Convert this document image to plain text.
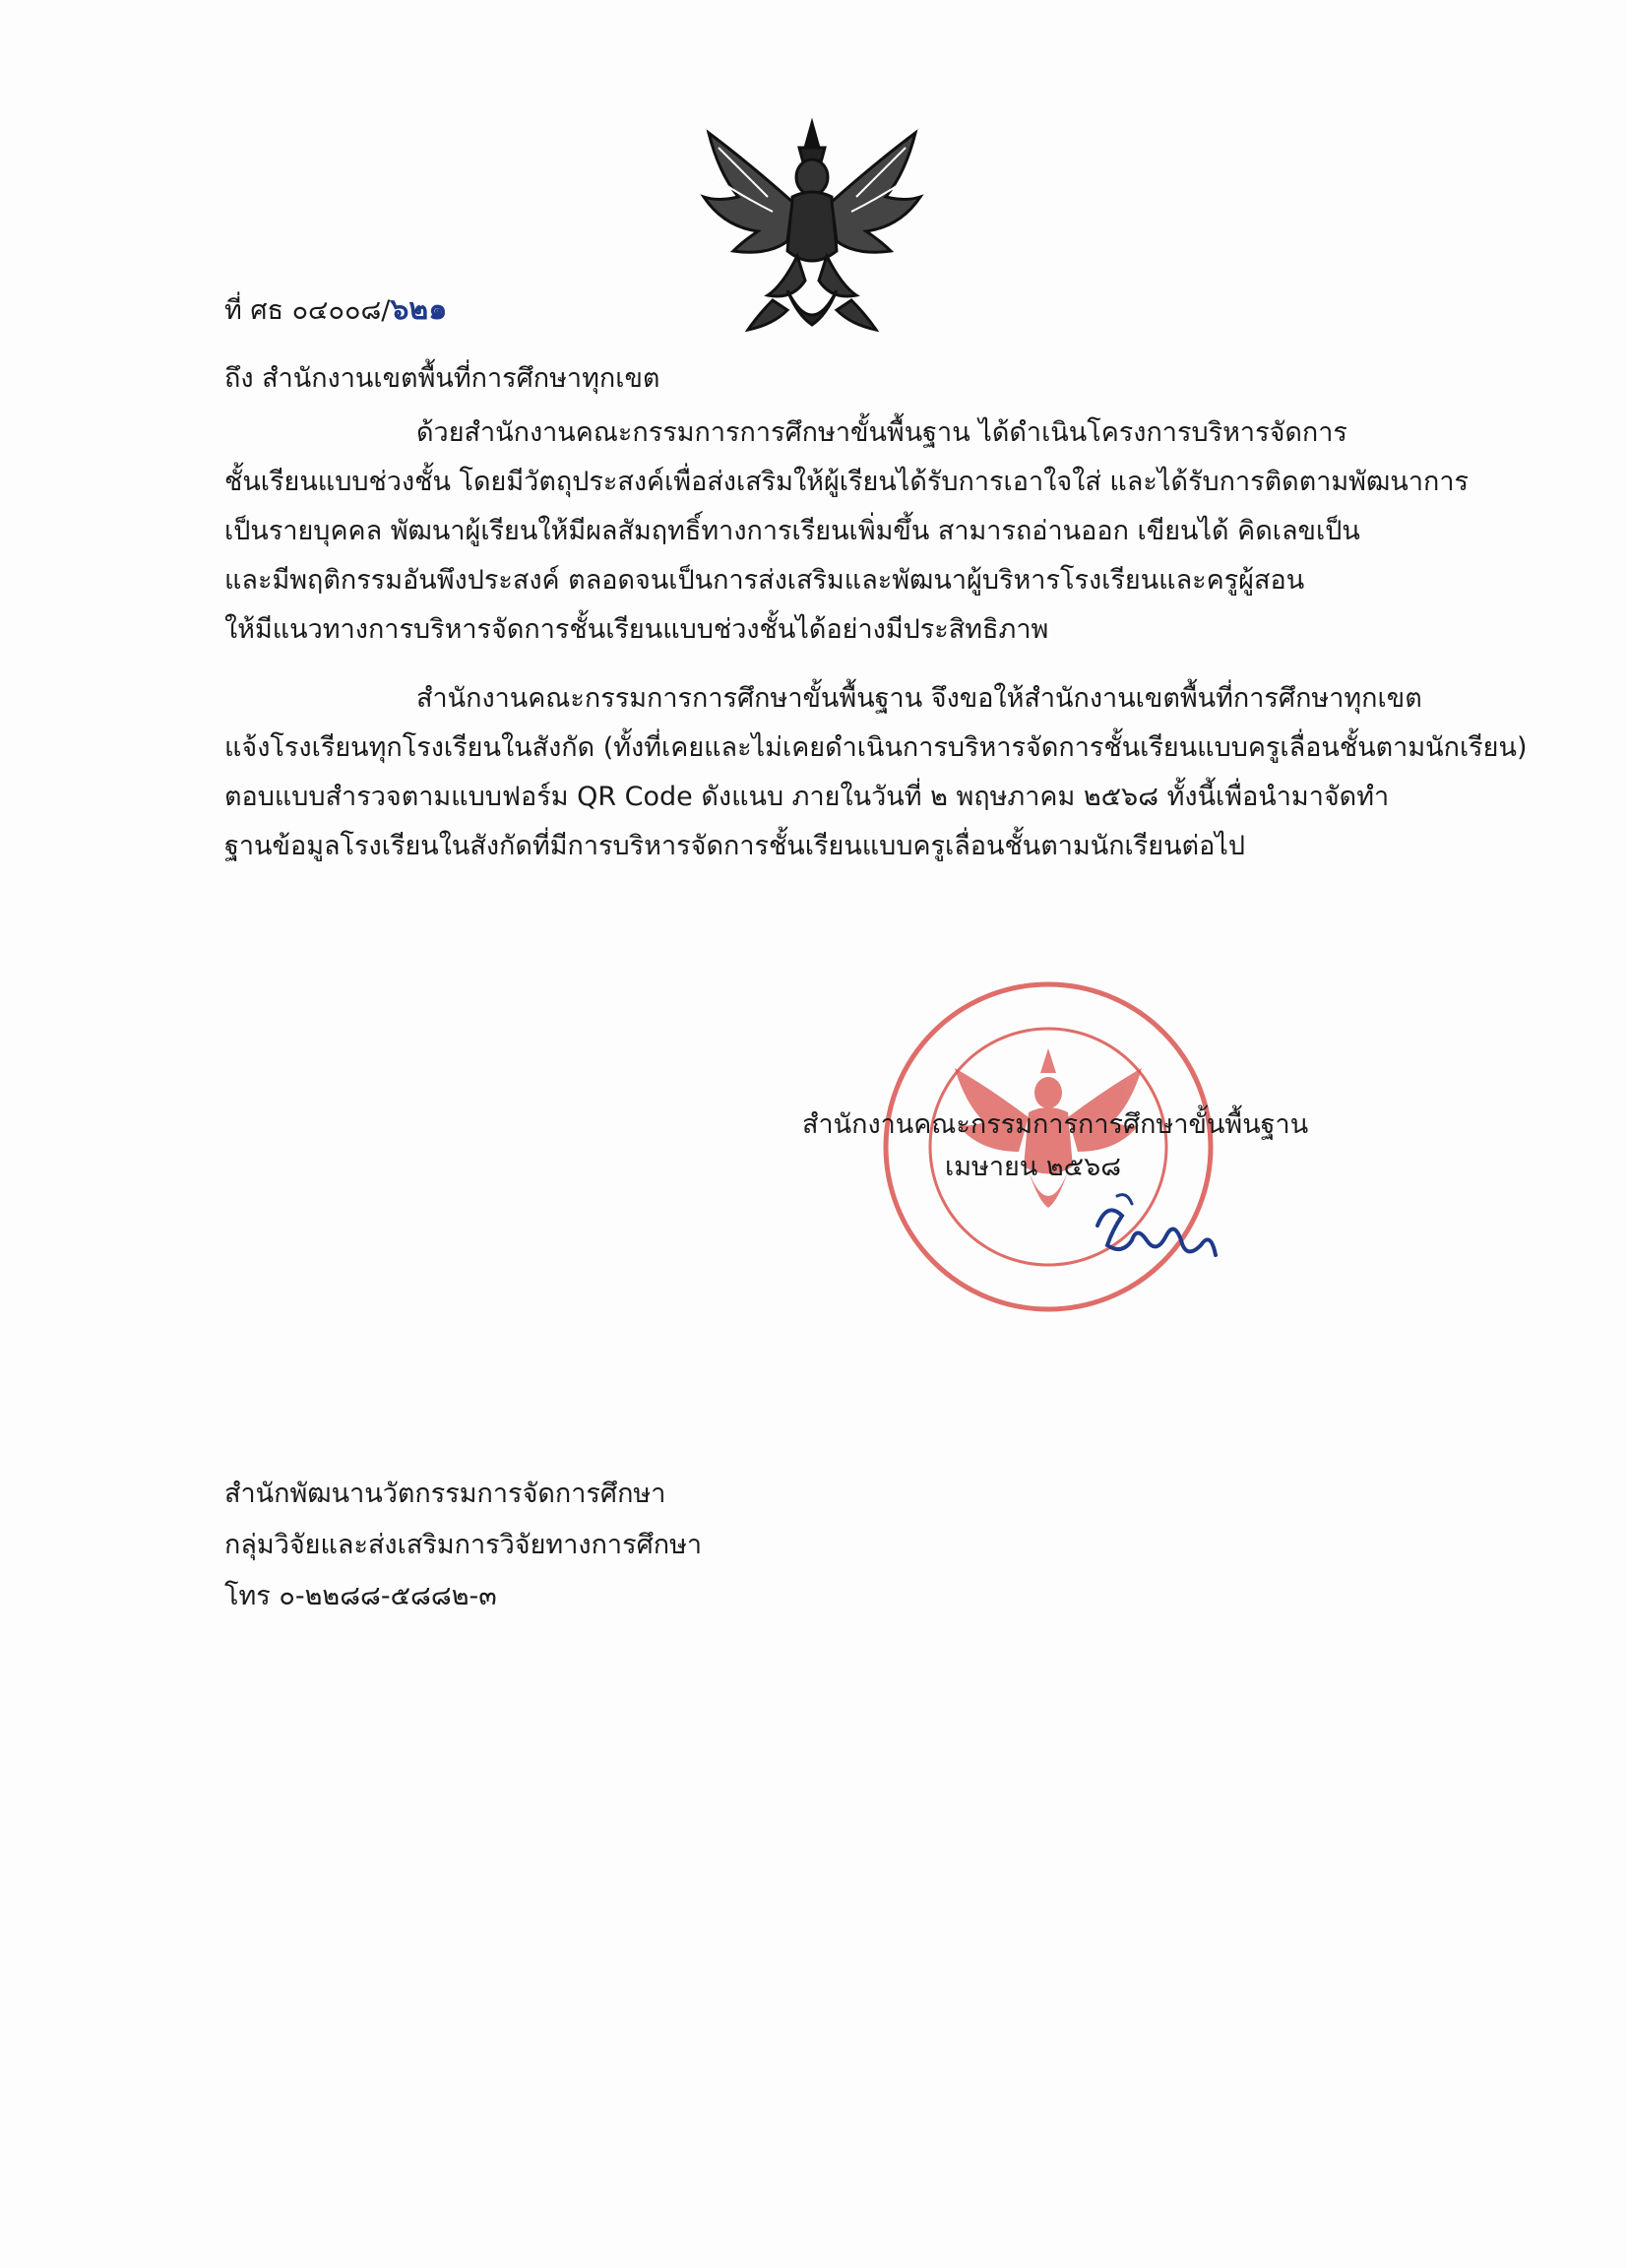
ที่ ศธ ๐๔๐๐๘/๖๒๑
ถึง สำนักงานเขตพื้นที่การศึกษาทุกเขต
ด้วยสำนักงานคณะกรรมการการศึกษาขั้นพื้นฐาน ได้ดำเนินโครงการบริหารจัดการ
ชั้นเรียนแบบช่วงชั้น โดยมีวัตถุประสงค์เพื่อส่งเสริมให้ผู้เรียนได้รับการเอาใจใส่ และได้รับการติดตามพัฒนาการ
เป็นรายบุคคล พัฒนาผู้เรียนให้มีผลสัมฤทธิ์ทางการเรียนเพิ่มขึ้น สามารถอ่านออก เขียนได้ คิดเลขเป็น
และมีพฤติกรรมอันพึงประสงค์ ตลอดจนเป็นการส่งเสริมและพัฒนาผู้บริหารโรงเรียนและครูผู้สอน
ให้มีแนวทางการบริหารจัดการชั้นเรียนแบบช่วงชั้นได้อย่างมีประสิทธิภาพ
สำนักงานคณะกรรมการการศึกษาขั้นพื้นฐาน จึงขอให้สำนักงานเขตพื้นที่การศึกษาทุกเขต
แจ้งโรงเรียนทุกโรงเรียนในสังกัด (ทั้งที่เคยและไม่เคยดำเนินการบริหารจัดการชั้นเรียนแบบครูเลื่อนชั้นตามนักเรียน)
ตอบแบบสำรวจตามแบบฟอร์ม QR Code ดังแนบ ภายในวันที่ ๒ พฤษภาคม ๒๕๖๘ ทั้งนี้เพื่อนำมาจัดทำ
ฐานข้อมูลโรงเรียนในสังกัดที่มีการบริหารจัดการชั้นเรียนแบบครูเลื่อนชั้นตามนักเรียนต่อไป
สำนักงานคณะกรรมการการศึกษาขั้นพื้นฐาน
เมษายน ๒๕๖๘
สำนักพัฒนานวัตกรรมการจัดการศึกษา
กลุ่มวิจัยและส่งเสริมการวิจัยทางการศึกษา
โทร ๐-๒๒๘๘-๕๘๘๒-๓
